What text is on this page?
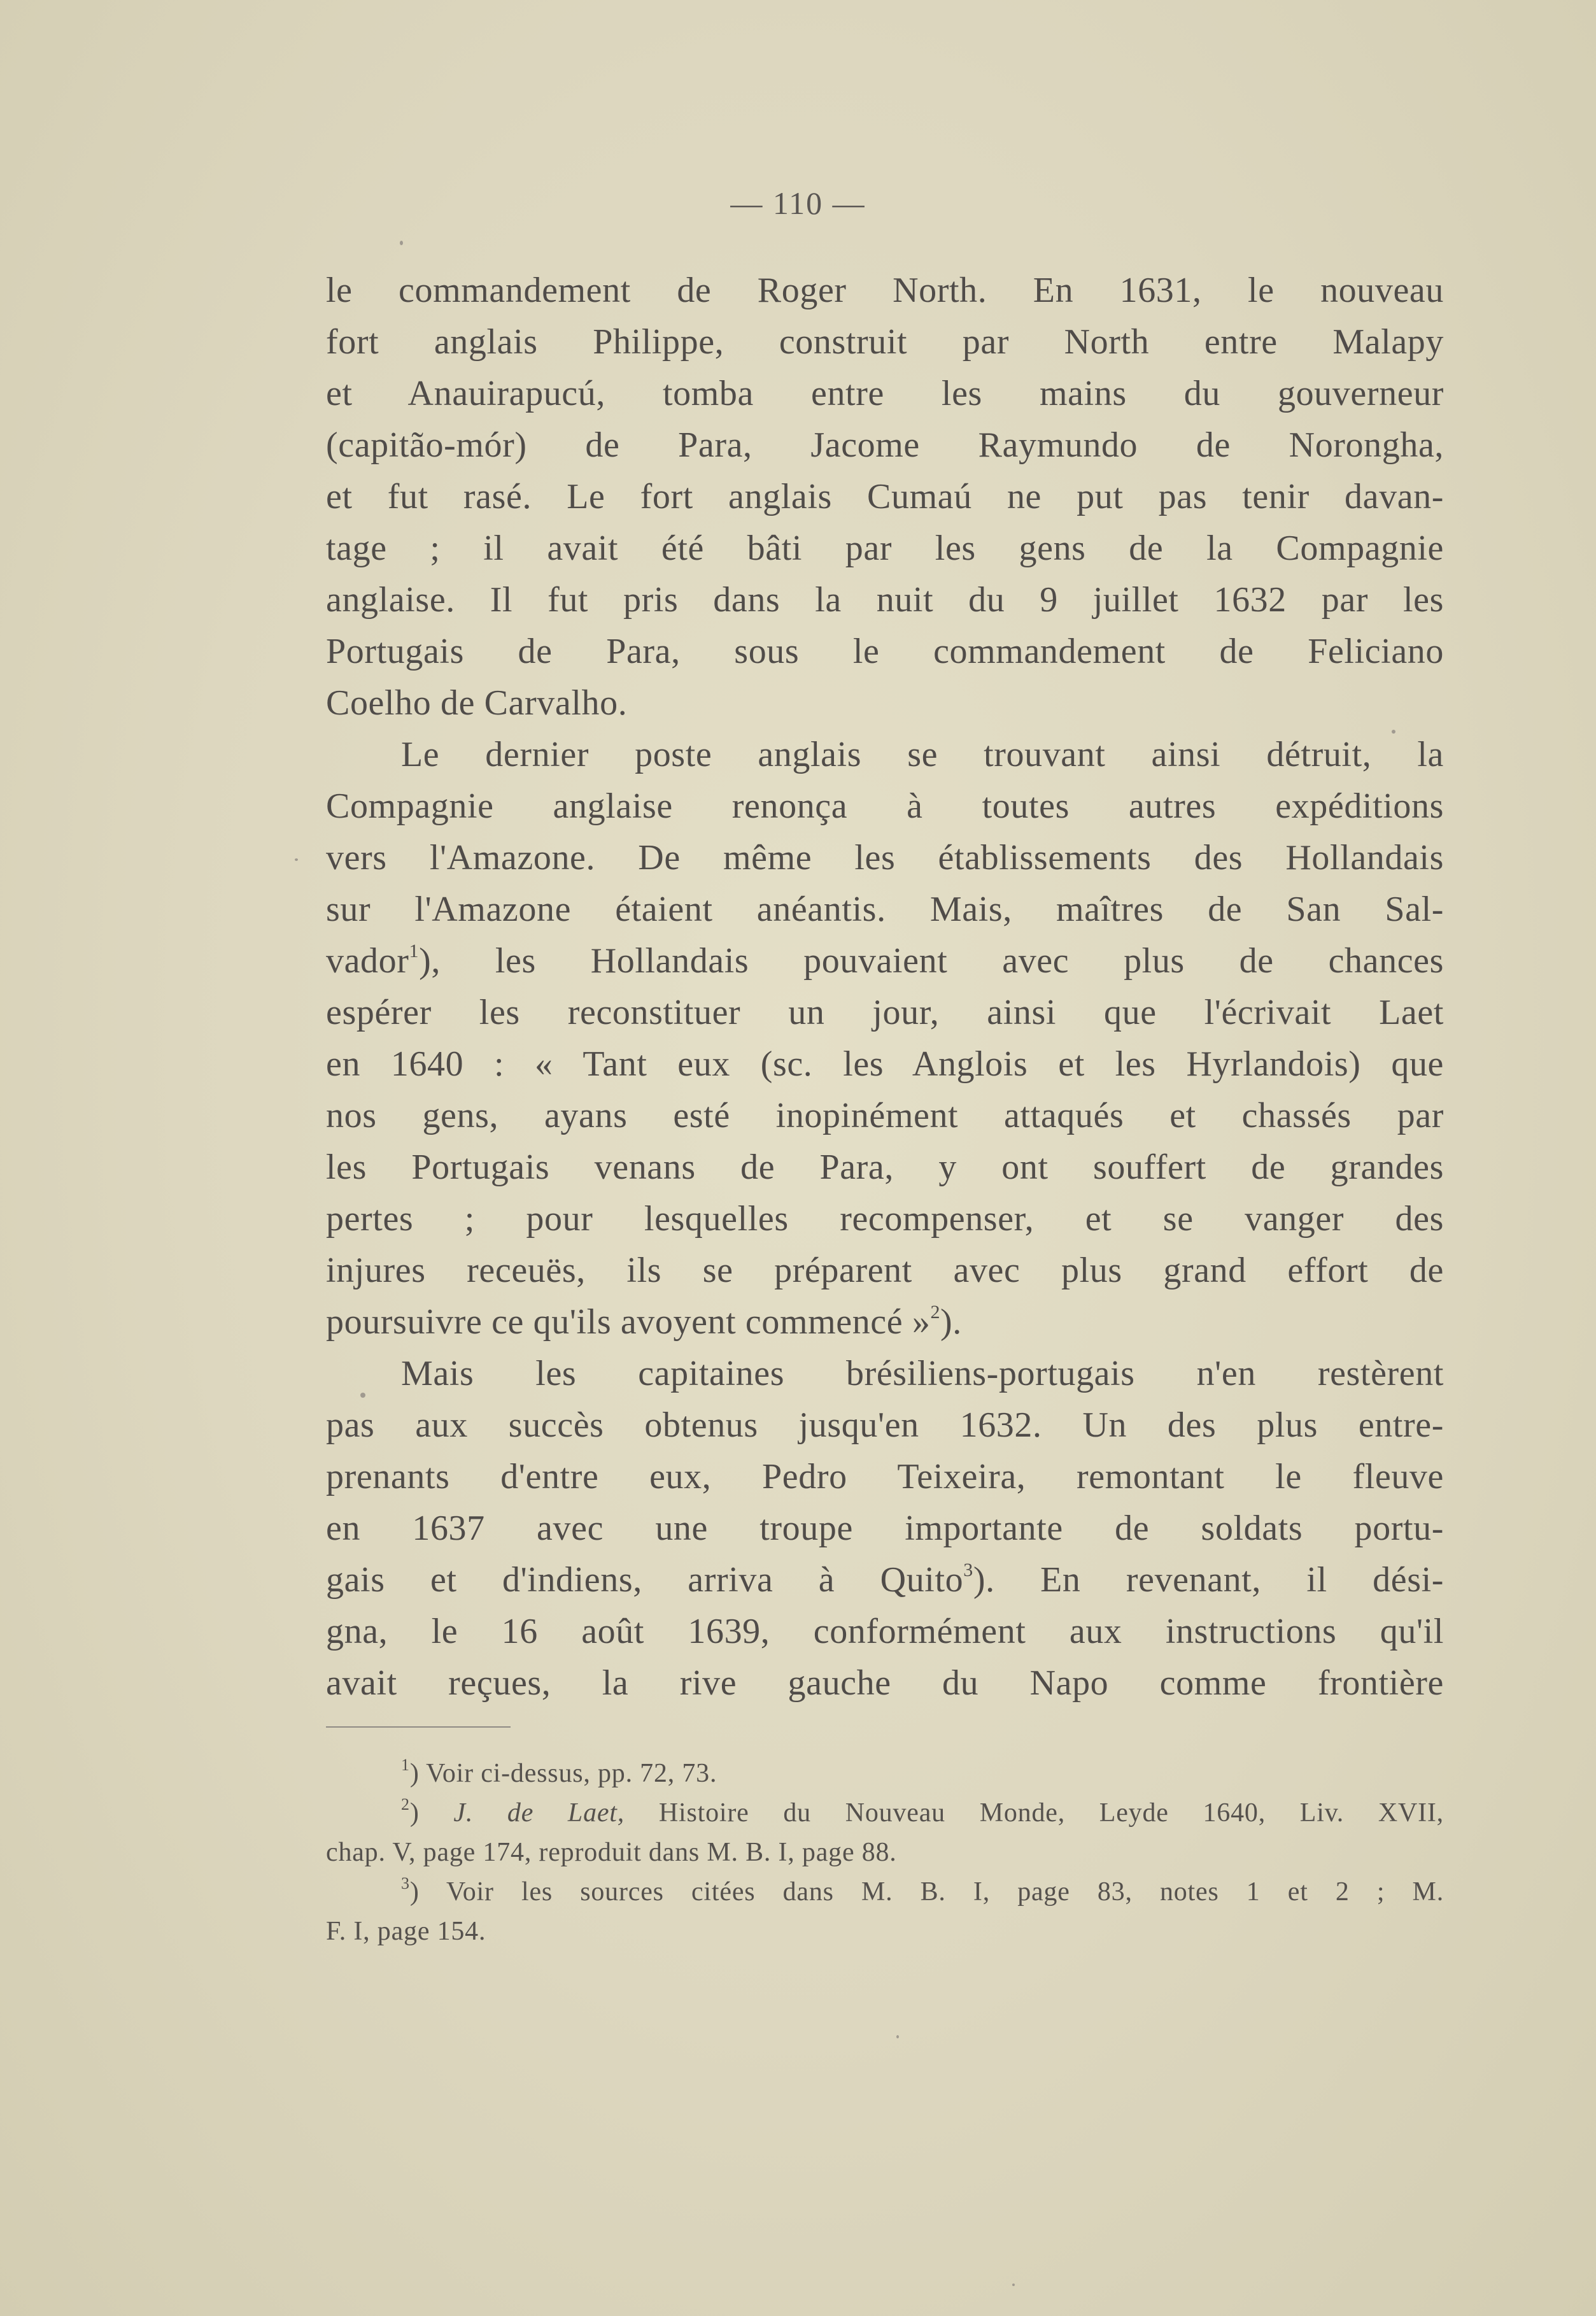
— 110 —
le commandement de Roger North. En 1631, le nouveau
fort anglais Philippe, construit par North entre Malapy
et Anauirapucú, tomba entre les mains du gouverneur
(capitão-mór) de Para, Jacome Raymundo de Norongha,
et fut rasé. Le fort anglais Cumaú ne put pas tenir davan-
tage ; il avait été bâti par les gens de la Compagnie
anglaise. Il fut pris dans la nuit du 9 juillet 1632 par les
Portugais de Para, sous le commandement de Feliciano
Coelho de Carvalho.
Le dernier poste anglais se trouvant ainsi détruit, la
Compagnie anglaise renonça à toutes autres expéditions
vers l'Amazone. De même les établissements des Hollandais
sur l'Amazone étaient anéantis. Mais, maîtres de San Sal-
vador$^1$), les Hollandais pouvaient avec plus de chances
espérer les reconstituer un jour, ainsi que l'écrivait Laet
en 1640 : « Tant eux (sc. les Anglois et les Hyrlandois) que
nos gens, ayans esté inopinément attaqués et chassés par
les Portugais venans de Para, y ont souffert de grandes
pertes ; pour lesquelles recompenser, et se vanger des
injures receuës, ils se préparent avec plus grand effort de
poursuivre ce qu'ils avoyent commencé »$^2$).
Mais les capitaines brésiliens-portugais n'en restèrent
pas aux succès obtenus jusqu'en 1632. Un des plus entre-
prenants d'entre eux, Pedro Teixeira, remontant le fleuve
en 1637 avec une troupe importante de soldats portu-
gais et d'indiens, arriva à Quito$^3$). En revenant, il dési-
gna, le 16 août 1639, conformément aux instructions qu'il
avait reçues, la rive gauche du Napo comme frontière
$^1$) Voir ci-dessus, pp. 72, 73.
$^2$) J. de Laet, Histoire du Nouveau Monde, Leyde 1640, Liv. XVII,
chap. V, page 174, reproduit dans M. B. I, page 88.
$^3$) Voir les sources citées dans M. B. I, page 83, notes 1 et 2 ; M.
F. I, page 154.
